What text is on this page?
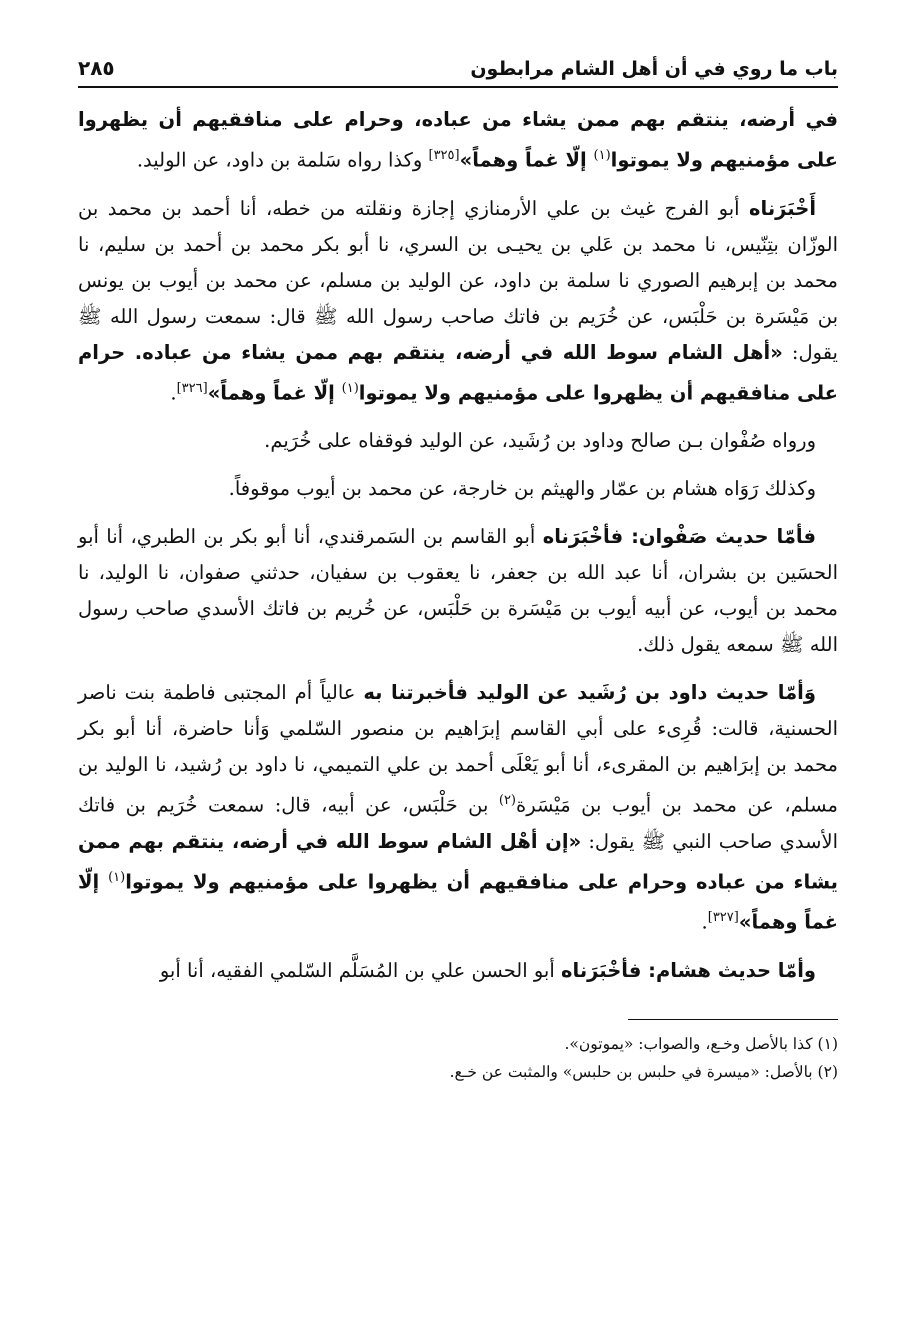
باب ما روي في أن أهل الشام مرابطون
٢٨٥

في أرضه، ينتقم بهم ممن يشاء من عباده، وحرام على منافقيهم أن يظهروا على مؤمنيهم ولا يموتوا$^{(١)}$ إلّا غماً وهماً»[٣٢٥] وكذا رواه سَلمة بن داود، عن الوليد.

أَخْبَرَناه أبو الفرج غيث بن علي الأرمنازي إجازة ونقلته من خطه، أنا أحمد بن محمد بن الوزّان بتِنّيس، نا محمد بن عَلي بن يحيـى بن السري، نا أبو بكر محمد بن أحمد بن سليم، نا محمد بن إبرهيم الصوري نا سلمة بن داود، عن الوليد بن مسلم، عن محمد بن أيوب بن يونس بن مَيْسَرة بن حَلْبَس، عن خُرَيم بن فاتك صاحب رسول الله ﷺ قال: سمعت رسول الله ﷺ يقول: «أهل الشام سوط الله في أرضه، ينتقم بهم ممن يشاء من عباده. حرام على منافقيهم أن يظهروا على مؤمنيهم ولا يموتوا$^{(١)}$ إلّا غماً وهماً»[٣٢٦].

ورواه صُفْوان بـن صالح وداود بن رُشَيد، عن الوليد فوقفاه على خُرَيم.

وكذلك رَوَاه هشام بن عمّار والهيثم بن خارجة، عن محمد بن أيوب موقوفاً.

فأمّا حديث صَفْوان: فأخْبَرَناه أبو القاسم بن السَمرقندي، أنا أبو بكر بن الطبري، أنا أبو الحسَين بن بشران، أنا عبد الله بن جعفر، نا يعقوب بن سفيان، حدثني صفوان، نا الوليد، نا محمد بن أيوب، عن أبيه أيوب بن مَيْسَرة بن حَلْبَس، عن خُريم بن فاتك الأسدي صاحب رسول الله ﷺ سمعه يقول ذلك.

وَأمّا حديث داود بن رُشَيد عن الوليد فأخبرتنا به عالياً أم المجتبى فاطمة بنت ناصر الحسنية، قالت: قُرِىء على أبي القاسم إبرَاهيم بن منصور السّلمي وَأنا حاضرة، أنا أبو بكر محمد بن إبرَاهيم بن المقرىء، أنا أبو يَعْلَى أحمد بن علي التميمي، نا داود بن رُشيد، نا الوليد بن مسلم، عن محمد بن أيوب بن مَيْسَرة$^{(٢)}$ بن حَلْبَس، عن أبيه، قال: سمعت خُرَيم بن فاتك الأسدي صاحب النبي ﷺ يقول: «إن أهْل الشام سوط الله في أرضه، ينتقم بهم ممن يشاء من عباده وحرام على منافقيهم أن يظهروا على مؤمنيهم ولا يموتوا$^{(١)}$ إلّا غماً وهماً»[٣٢٧].

وأمّا حديث هشام: فأخْبَرَناه أبو الحسن علي بن المُسَلَّم السّلمي الفقيه، أنا أبو

(١) كذا بالأصل وخـع، والصواب: «يموتون».
(٢) بالأصل: «ميسرة في حلبس بن حلبس» والمثبت عن خـع.
